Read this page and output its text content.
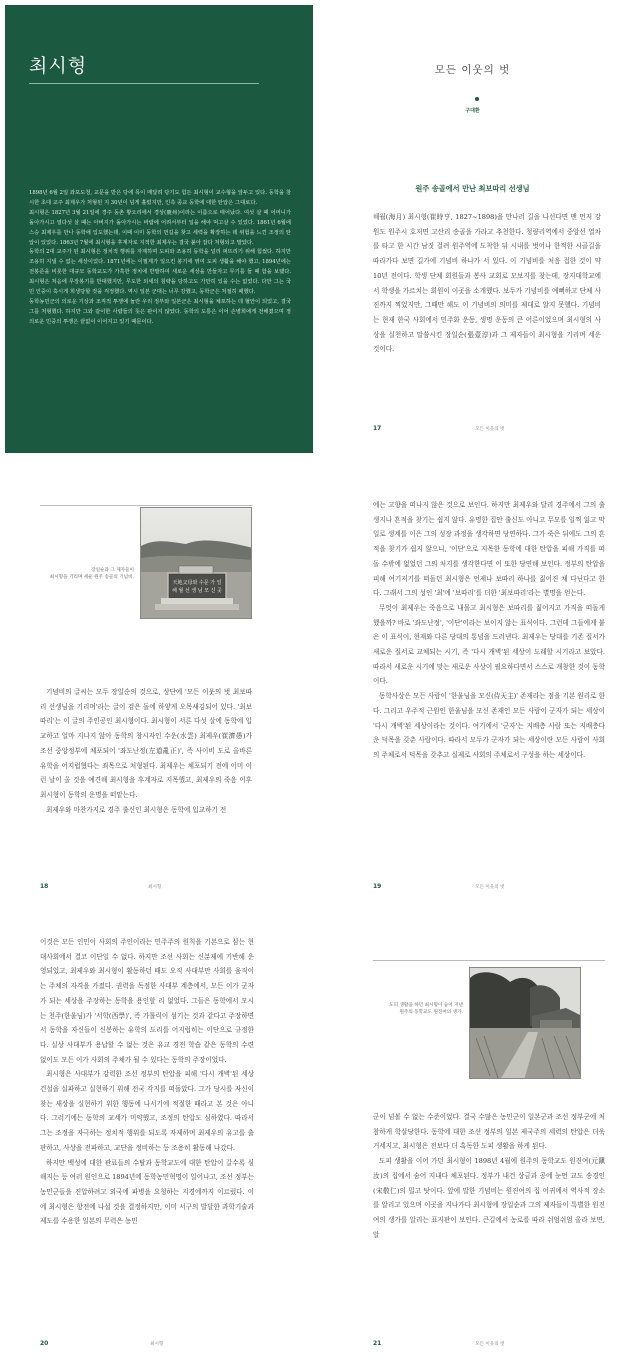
최시형

1898년 6월 2일 좌포도청, 교문을 받은 당에 목이 매달려 당기도 힘든 최시형이 교수형을 앞두고 있다. 동학을 창시한 초대 교주 최제우가 처형된 지 30년이 넘게 흘렀지만, 인측 종교 동학에 대한 탄압은 그대로다.

최시형은 1827년 3월 21일에 경주 동촌 황오리에서 경상(慶州)이라는 이름으로 태어났다. 여섯 살 때 어머니가 돌아가시고 열다섯 살 때는 아버지가 돌아가시는 바람에 어려서부터 일을 해야 먹고살 수 있었다. 1861년 6월에 스승 최제우를 만나 동학에 입도했는데, 이때 이미 동학의 먼길을 찾고 세력을 확장하는 데 위험을 느낀 조정의 탄압이 있었다. 1863년 7월에 최시형을 후계자로 지적한 최제우는 결국 붙아 잡다 처형되고 말았다.

동학의 2대 교주가 된 최시형은 정치적 행위를 자제하며 도피와 조용히 동학을 널리 퍼뜨리기 위해 힘썼다. 하지만 조용히 지낼 수 없는 세상이었다. 1871년에는 이필제가 일으킨 봉기에 엮여 도피 생활을 해야 했고, 1894년에는 전봉준을 비롯한 대규모 동학교도가 가혹한 정치에 반발하여 새로운 세상을 만들자고 무기를 들 때 함을 보탰다. 최시형은 처음에 무장봉기를 반대했지만, 무도한 외세의 침략을 당하고도 가만히 있을 수는 없었다. 다만 그는 국민 인중이 혹시게 희생당할 것을 걱정했다. 역시 일본 군대는 너무 강했고, 동학군은 처절히 패했다.

동학농민군의 의로운 기상과 조직적 투쟁에 놀란 우리 정부와 일본군은 최시형을 체포하는 데 혈안이 되었고, 결국 그를 처형했다. 하지만 그와 같이한 사람들의 뜻은 판이지 않았다. 동학의 도통은 이어 손병희에게 전해졌으며 정의로운 민중의 투쟁은 끝없이 이어지고 있기 때문이다.

모든 이웃의 벗
구대환
원주 송골에서 만난 최보따리 선생님

해월(海月) 최시형(崔時亨, 1827~1898)을 만나러 길을 나선다면 맨 먼저 강원도 원주시 호저면 고산리 송골을 가라고 추천한다. 청량리역에서 중앙선 열차를 타고 한 시간 남짓 걸려 원주역에 도착한 뒤 시내를 벗어나 한적한 시골길을 따라가다 보면 길가에 기념비 하나가 서 있다. 이 기념비를 처음 접한 것이 약 10년 전이다. 학생 단체 회원들과 봉사 교회로 모보지를 찾는데, 장지대학교에서 학생을 가르치는 회원이 이곳을 소개했다. 보두가 기념비를 예뻐하고 단체 사진까지 찍었지만, 그때만 해도 이 기념비의 의미를 제대로 알지 못했다. 기념비는 현재 한국 사회에서 민주화 운동, 생명 운동의 큰 어른이었으며 최시형의 사상을 실천하고 말씀시킨 장일순(張壹淳)과 그 제자들이 최시형을 기리며 세운 것이다.

17	모든 이웃의 벗
장일순과 그 제자들이
최시형을 기리며 세운 원주 송골의 기념비.
天地父母와 수문 가 일
해 월 선 생 님 모 신 곳

기념비의 글씨는 모두 장일순의 것으로, 상단에 '모든 이웃의 벗 최보따리 선생님을 기리며'라는 글이 검은 돌에 하얗게 오목새김되어 있다. '최보따리'는 이 글의 주인공인 최시형이다. 최시형이 서른 다섯 살에 동학에 입교하고 얼마 지나지 않아 동학의 창시자인 수운(水雲) 최제우(崔濟愚)가 조선 중앙정부에 체포되어 '좌도난정(左道亂正)', 즉 사이비 도로 올바른 유학을 어지럽혔다는 죄목으로 처형된다. 최제우는 체포되기 전에 이미 이런 날이 올 것을 예견해 최시형을 후계자로 지목했고, 최제우의 죽음 이후 최시형이 동학의 운명을 떠맡는다.

최제우와 마찬가지로 경주 출신인 최시형은 동학에 입교하기 전

18	최시형

에는 고향을 떠나지 않은 것으로 보인다. 하지만 최제우와 달리 경주에서 그의 출생지나 흔적을 찾기는 쉽지 않다. 유명한 집안 출신도 아니고 무모를 일찍 잃고 막일로 생계를 이은 그의 성장 과정을 생각하면 당연하다. 그가 죽은 뒤에도 그의 흔적을 찾기가 쉽지 않으니, '이단'으로 지목한 동학에 대한 탄압을 피해 가직를 떠돌 수밖에 없었던 그의 처지를 생각한다면 이 또한 당연해 보인다. 정부의 탄압을 피해 여기저기를 떠돌던 최시형은 언제나 보따리 하나를 짊어진 채 다닌다고 한다. 그래서 그의 성인 '최'에 '보따리'를 더한 '최보따리'라는 별명을 얻는다.

무엇이 최제우는 죽음으로 내몰고 최시형은 보따리를 짊어지고 가직을 떠돌게 했을까? 바로 '좌도난정', '이단'이라는 보이지 않는 표식이다. 그런데 그들에게 붙은 이 표식이, 현재와 다른 당대의 통념을 드러낸다. 최제우는 당대를 기존 질서가 새로운 질서로 교체되는 시기, 즉 '다시 개벽'된 세상이 도래할 시기라고 보았다. 따라서 새로운 시기에 맞는 새로운 사상이 필요하다면서 스스로 개창한 것이 동학이다.

동학사상은 모든 사람이 '한울님을 모신(侍天主)' 존재라는 점을 기본 원리로 한다. 그리고 우주적 근원인 한울님을 모신 존재인 모든 사람이 군자가 되는 세상이 '다시 개벽'된 세상이라는 것이다. 여기에서 '군자'는 지배층 사람 또는 지배층다운 덕목을 갖춘 사람이다. 따라서 모두가 군자가 되는 세상이란 모든 사람이 사회의 주체로서 덕목을 갖추고 실제로 사회의 주체로서 구성을 하는 세상이다.

19	모든 이웃의 벗

이것은 모든 인민이 사회의 주인이라는 민주주의 원칙을 기본으로 삼는 현대사회에서 결코 이단일 수 없다. 하지만 조선 사회는 신분제에 기반해 운영되었고, 최제우와 최시형이 활동하던 때도 오직 사대부만 사회를 움직이는 주체의 자격을 가졌다. 권력을 독점한 사대부 계층에서, 모든 이가 군자가 되는 세상을 주장하는 동학을 용인할 리 없었다. 그들은 동학에서 모시는 천주(한울님)가 '서학(西學)', 즉 가톨릭이 섬기는 것과 같다고 주장하면서 동학을 자신들이 신봉하는 유학의 도리를 어지럽히는 이단으로 규정한다. 실상 사대부가 용납할 수 없는 것은 유교 경전 학습 같은 동학의 수련 없이도 모든 이가 사회의 주체가 될 수 있다는 동학의 주장이었다.

최시형은 사대부가 강력한 조선 정부의 탄압을 피해 '다시 개벽'된 세상 건설을 실파하고 실현하기 위해 전국 각지를 떠돌았다. 그가 당시를 자신이 찾는 새상을 실현하기 위한 행동에 나서기에 적절한 때라고 본 것은 아니다. 그러기에는 동학의 교세가 미약했고, 조정의 탄압도 심하였다. 따라서 그는 조정을 자극하는 정치적 행위를 되도록 자제하며 최제우의 유고를 출판하고, 사상을 전파하고, 교단을 정비하는 등 조용히 활동해 나갔다.

하지만 백성에 대한 관료들의 수탈과 동학교도에 대한 탄압이 갈수록 심해지는 등 여러 원인으로 1894년에 동학농민혁명이 일어나고, 조선 정부는 농민군들을 진압하려고 외국에 파병을 요청하는 지경에까지 이르렀다. 이에 최시형은 항전에 나설 것을 결정하지만, 이미 서구의 발달한 과학기술과 제도를 수용한 일본의 무력은 농민

20	최시형
도피 생활을 하던 최시형이 숨어 지낸
원주의 동학교도 원진여의 생가.

군이 넘볼 수 없는 수준이었다. 결국 수많은 농민군이 일본군과 조선 정부군에 처참하게 학살당한다. 동학에 대한 조선 정부의 일본 제국주의 세력의 탄압은 더욱 거세지고, 최시형은 전보다 더 혹독한 도피 생활을 하게 된다.

도피 생활을 이어 가던 최시형이 1898년 4월에 원주의 동학교도 원진여(元鎭汝)의 집에서 숨어 지내다 체포된다. 정부가 내건 상금과 공에 눈먼 교도 송경인(宋敬仁)의 밀고 탓이다. 앞에 말한 기념비는 원진여의 집 어귀에서 역사적 장소를 알리고 있으며 이곳을 지나가다 최시형에 장일순과 그의 제자들이 특별한 원진여의 생가를 알리는 표지판이 보인다. 큰길에서 농로를 따라 쉬엄쉬엄 올라 보면, 알

21	모든 이웃의 벗
